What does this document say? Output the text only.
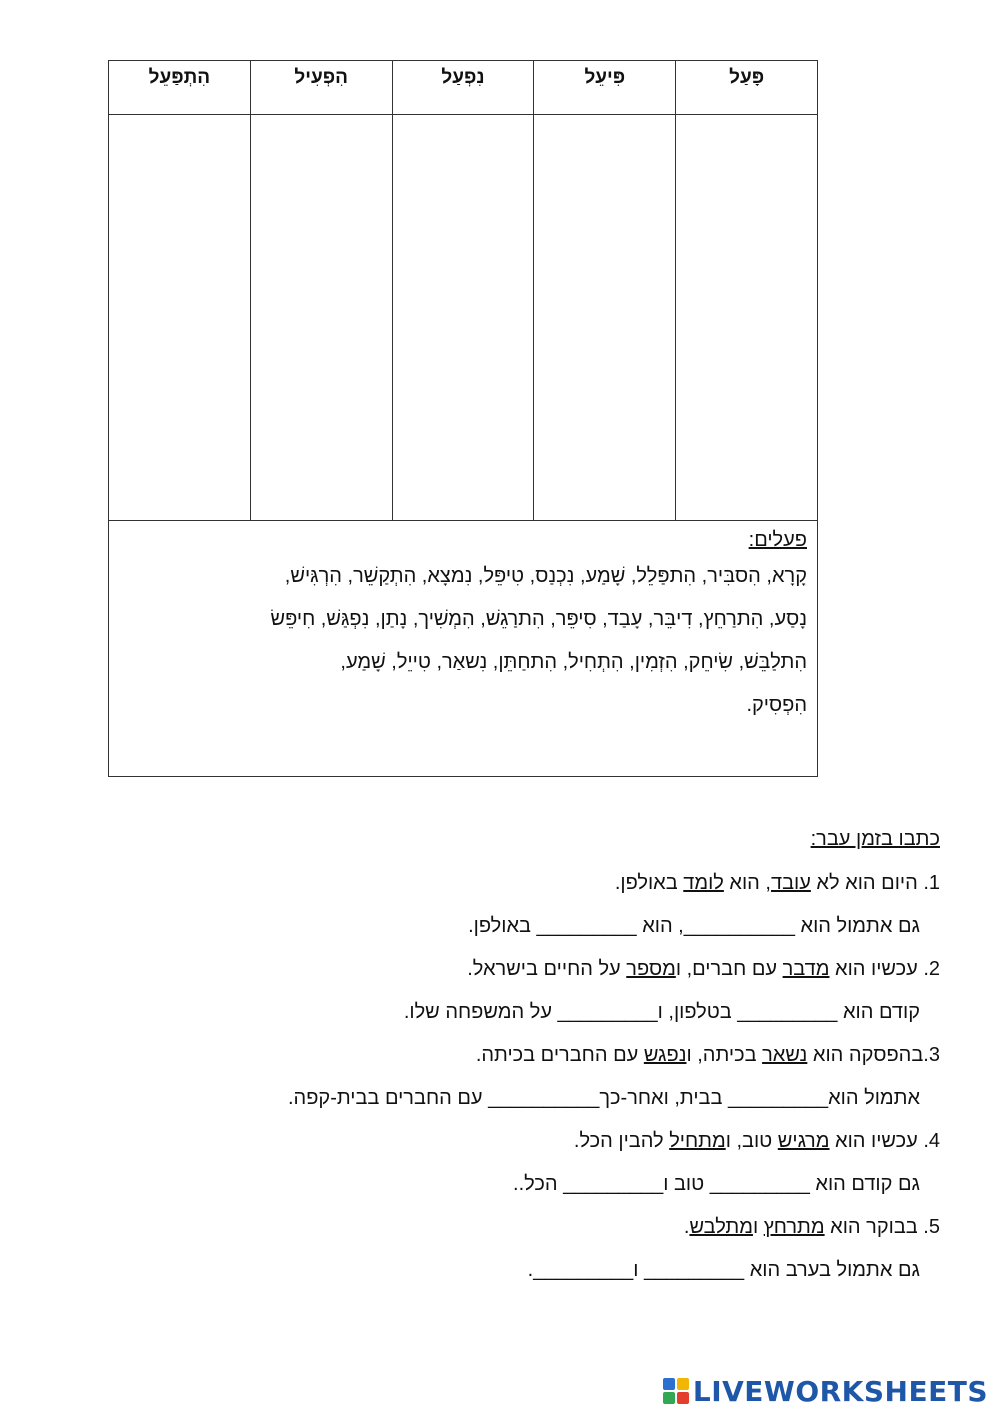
פָּעַל	פִּיעֵל	נִפְעַל	הִפְעִיל	הִתְפַּעֵל

פעלים:
קָרָא, הִסבִּיר, הִתפַּלֵל, שָׁמַע, נִכְנַס, טִיפֵּל, נִמצָא, הִתְקַשֵׁר, הִרְגִּישׁ,
נָסַע, הִתרַחֵץ, דִיבֵּר, עָבַד, סִיפֵּר, הִתרַגֵשׁ, הִמְשִׁיך, נָתַן, נִפְגַּשׁ, חִיפֵּשׂ
הִתלַבֵּשׁ, שִׂיחֵק, הִזְמִין, הִתְחִיל, הִתחַתֵּן, נִשאַר, טִייֵל, שָׁמַע,
הִפְסִיק.				
כתבו בזמן עבר:
1. היום הוא לא עובד, הוא לומד באולפן.
גם אתמול הוא __________, הוא _________ באולפן.
2. עכשיו הוא מדבר עם חברים, ומספר על החיים בישראל.
קודם הוא _________ בטלפון, ו_________ על המשפחה שלו.
3.בהפסקה הוא נשאר בכיתה, ונפגש עם החברים בכיתה.
אתמול הוא_________ בבית, ואחר-כך__________ עם החברים בבית-קפה.
4. עכשיו הוא מרגיש טוב, ומתחיל להבין הכל.
גם קודם הוא _________ טוב ו_________ הכל..
5. בבוקר הוא מתרחץ ומתלבש.
גם אתמול בערב הוא _________ ו_________.
LIVEWORKSHEETS
